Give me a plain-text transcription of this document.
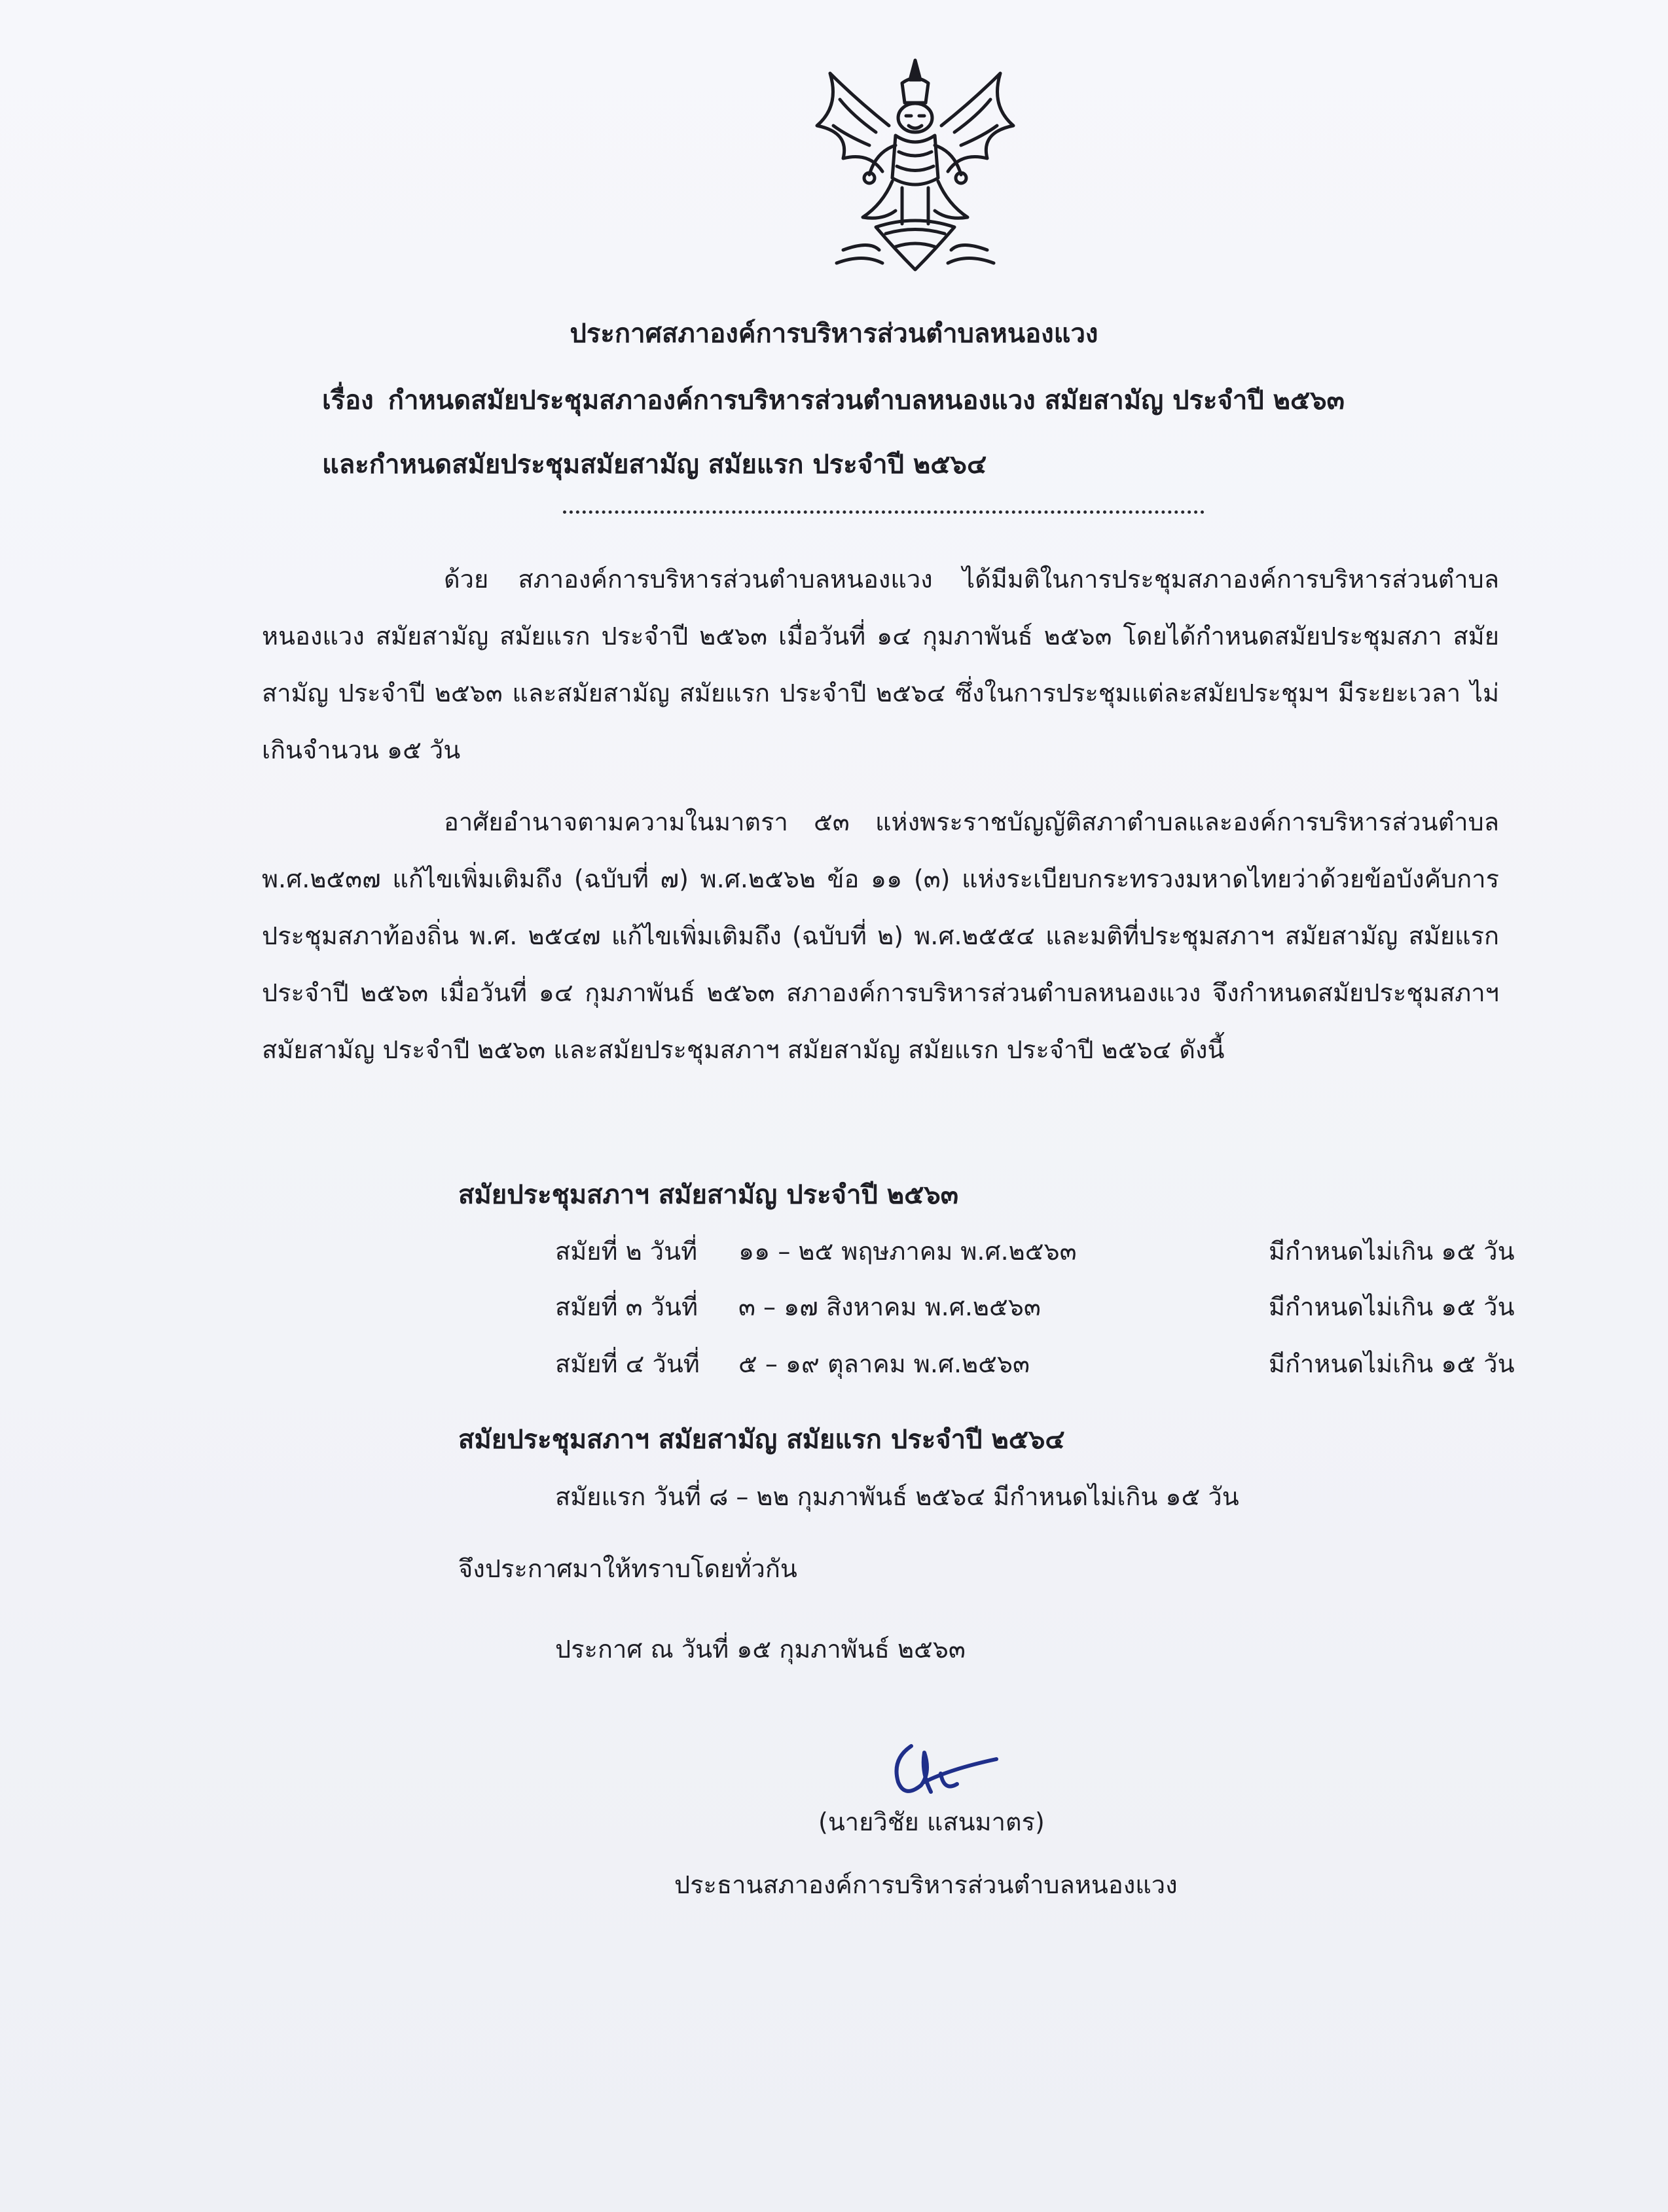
ประกาศสภาองค์การบริหารส่วนตำบลหนองแวง
เรื่อง กำหนดสมัยประชุมสภาองค์การบริหารส่วนตำบลหนองแวง สมัยสามัญ ประจำปี ๒๕๖๓
และกำหนดสมัยประชุมสมัยสามัญ สมัยแรก ประจำปี ๒๕๖๔
ด้วย สภาองค์การบริหารส่วนตำบลหนองแวง ได้มีมติในการประชุมสภาองค์การบริหารส่วนตำบลหนองแวง สมัยสามัญ สมัยแรก ประจำปี ๒๕๖๓ เมื่อวันที่ ๑๔ กุมภาพันธ์ ๒๕๖๓ โดยได้กำหนดสมัยประชุมสภา สมัยสามัญ ประจำปี ๒๕๖๓ และสมัยสามัญ สมัยแรก ประจำปี ๒๕๖๔ ซึ่งในการประชุมแต่ละสมัยประชุมฯ มีระยะเวลา ไม่เกินจำนวน ๑๕ วัน
อาศัยอำนาจตามความในมาตรา ๕๓ แห่งพระราชบัญญัติสภาตำบลและองค์การบริหารส่วนตำบล พ.ศ.๒๕๓๗ แก้ไขเพิ่มเติมถึง (ฉบับที่ ๗) พ.ศ.๒๕๖๒ ข้อ ๑๑ (๓) แห่งระเบียบกระทรวงมหาดไทยว่าด้วยข้อบังคับการประชุมสภาท้องถิ่น พ.ศ. ๒๕๔๗ แก้ไขเพิ่มเติมถึง (ฉบับที่ ๒) พ.ศ.๒๕๕๔ และมติที่ประชุมสภาฯ สมัยสามัญ สมัยแรก ประจำปี ๒๕๖๓ เมื่อวันที่ ๑๔ กุมภาพันธ์ ๒๕๖๓ สภาองค์การบริหารส่วนตำบลหนองแวง จึงกำหนดสมัยประชุมสภาฯ สมัยสามัญ ประจำปี ๒๕๖๓ และสมัยประชุมสภาฯ สมัยสามัญ สมัยแรก ประจำปี ๒๕๖๔ ดังนี้
สมัยประชุมสภาฯ สมัยสามัญ ประจำปี ๒๕๖๓
สมัยที่ ๒ วันที่ ๑๑ – ๒๕ พฤษภาคม พ.ศ.๒๕๖๓	มีกำหนดไม่เกิน ๑๕ วัน
สมัยที่ ๓ วันที่ ๓ – ๑๗ สิงหาคม พ.ศ.๒๕๖๓	มีกำหนดไม่เกิน ๑๕ วัน
สมัยที่ ๔ วันที่ ๕ – ๑๙ ตุลาคม พ.ศ.๒๕๖๓	มีกำหนดไม่เกิน ๑๕ วัน
สมัยประชุมสภาฯ สมัยสามัญ สมัยแรก ประจำปี ๒๕๖๔
สมัยแรก วันที่ ๘ – ๒๒ กุมภาพันธ์ ๒๕๖๔ มีกำหนดไม่เกิน ๑๕ วัน
จึงประกาศมาให้ทราบโดยทั่วกัน
ประกาศ ณ วันที่ ๑๕ กุมภาพันธ์ ๒๕๖๓
(นายวิชัย แสนมาตร)
ประธานสภาองค์การบริหารส่วนตำบลหนองแวง
